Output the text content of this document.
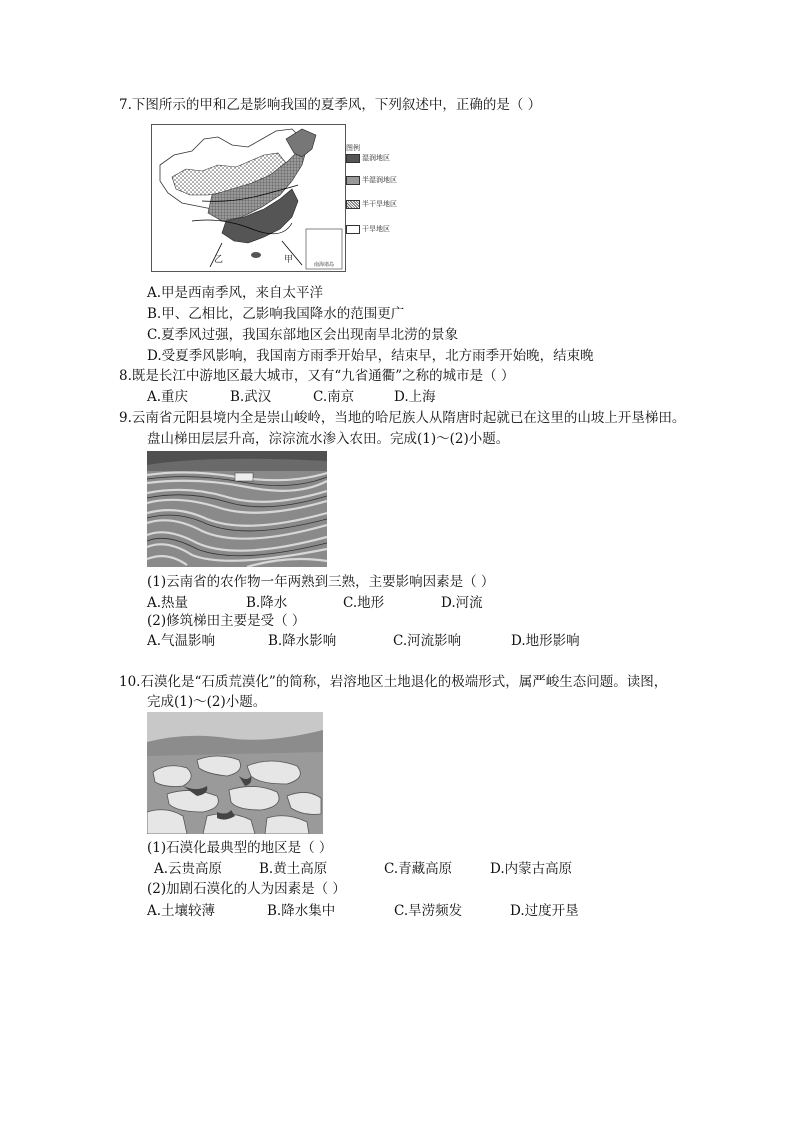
7.下图所示的甲和乙是影响我国的夏季风，下列叙述中，正确的是（ ）
乙	甲	南海诸岛
图例
湿润地区
半湿润地区
半干旱地区
干旱地区
A.甲是西南季风，来自太平洋
B.甲、乙相比，乙影响我国降水的范围更广
C.夏季风过强，我国东部地区会出现南旱北涝的景象
D.受夏季风影响，我国南方雨季开始早，结束早，北方雨季开始晚，结束晚
8.既是长江中游地区最大城市，又有“九省通衢”之称的城市是（ ）
A.重庆	B.武汉	C.南京	D.上海
9.云南省元阳县境内全是崇山峻岭，当地的哈尼族人从隋唐时起就已在这里的山坡上开垦梯田。
盘山梯田层层升高，淙淙流水渗入农田。完成(1)～(2)小题。
(1)云南省的农作物一年两熟到三熟，主要影响因素是（ ）
A.热量	B.降水	C.地形	D.河流
(2)修筑梯田主要是受（ ）
A.气温影响	B.降水影响	C.河流影响	D.地形影响
10.石漠化是“石质荒漠化”的简称，岩溶地区土地退化的极端形式，属严峻生态问题。读图，
完成(1)～(2)小题。
(1)石漠化最典型的地区是（ ）
A.云贵高原	B.黄土高原	C.青藏高原	D.内蒙古高原
(2)加剧石漠化的人为因素是（ ）
A.土壤较薄	B.降水集中	C.旱涝频发	D.过度开垦
